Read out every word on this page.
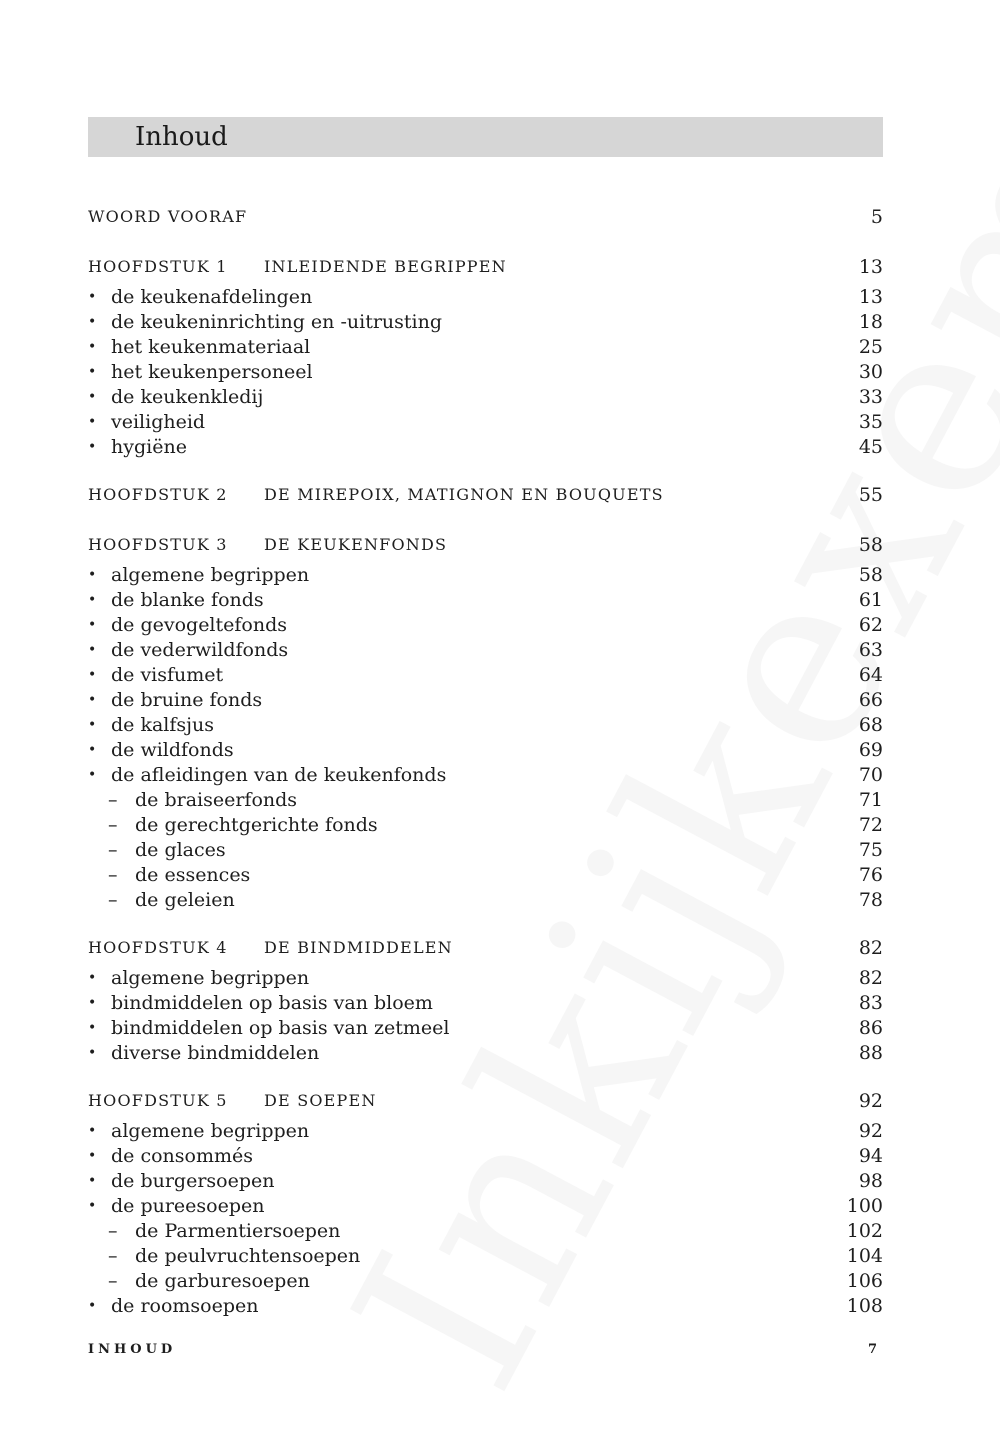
Inhoud
WOORD VOORAF	5
HOOFDSTUK 1 INLEIDENDE BEGRIPPEN	13
• de keukenafdelingen	13
• de keukeninrichting en -uitrusting	18
• het keukenmateriaal	25
• het keukenpersoneel	30
• de keukenkledij	33
• veiligheid	35
• hygiëne	45
HOOFDSTUK 2 DE MIREPOIX, MATIGNON EN BOUQUETS	55
HOOFDSTUK 3 DE KEUKENFONDS	58
• algemene begrippen	58
• de blanke fonds	61
• de gevogeltefonds	62
• de vederwildfonds	63
• de visfumet	64
• de bruine fonds	66
• de kalfsjus	68
• de wildfonds	69
• de afleidingen van de keukenfonds	70
– de braiseerfonds	71
– de gerechtgerichte fonds	72
– de glaces	75
– de essences	76
– de geleien	78
HOOFDSTUK 4 DE BINDMIDDELEN	82
• algemene begrippen	82
• bindmiddelen op basis van bloem	83
• bindmiddelen op basis van zetmeel	86
• diverse bindmiddelen	88
HOOFDSTUK 5 DE SOEPEN	92
• algemene begrippen	92
• de consommés	94
• de burgersoepen	98
• de pureesoepen	100
– de Parmentiersoepen	102
– de peulvruchtensoepen	104
– de garburesoepen	106
• de roomsoepen	108
INHOUD	7
